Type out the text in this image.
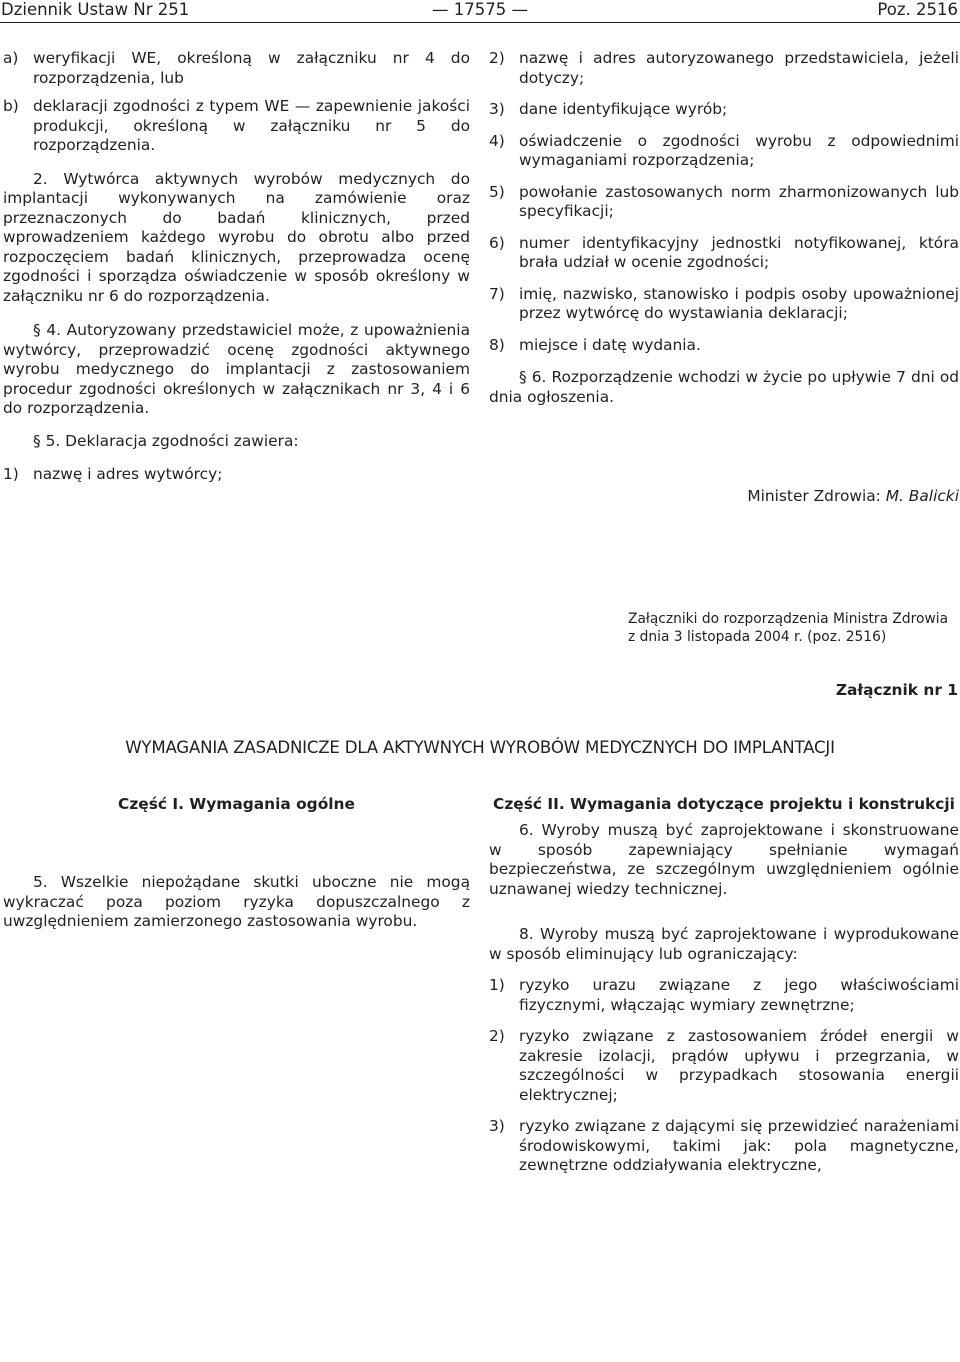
Dziennik Ustaw Nr 251	— 17575 —	Poz. 2516
a) weryfikacji WE, określoną w załączniku nr 4 do rozporządzenia, lub
b) deklaracji zgodności z typem WE — zapewnienie jakości produkcji, określoną w załączniku nr 5 do rozporządzenia.

2. Wytwórca aktywnych wyrobów medycznych do implantacji wykonywanych na zamówienie oraz przeznaczonych do badań klinicznych, przed wprowadzeniem każdego wyrobu do obrotu albo przed rozpoczęciem badań klinicznych, przeprowadza ocenę zgodności i sporządza oświadczenie w sposób określony w załączniku nr 6 do rozporządzenia.

§ 4. Autoryzowany przedstawiciel może, z upoważnienia wytwórcy, przeprowadzić ocenę zgodności aktywnego wyrobu medycznego do implantacji z zastosowaniem procedur zgodności określonych w załącznikach nr 3, 4 i 6 do rozporządzenia.

§ 5. Deklaracja zgodności zawiera:

1) nazwę i adres wytwórcy;
2) nazwę i adres autoryzowanego przedstawiciela, jeżeli dotyczy;
3) dane identyfikujące wyrób;
4) oświadczenie o zgodności wyrobu z odpowiednimi wymaganiami rozporządzenia;
5) powołanie zastosowanych norm zharmonizowanych lub specyfikacji;
6) numer identyfikacyjny jednostki notyfikowanej, która brała udział w ocenie zgodności;
7) imię, nazwisko, stanowisko i podpis osoby upoważnionej przez wytwórcę do wystawiania deklaracji;
8) miejsce i datę wydania.

§ 6. Rozporządzenie wchodzi w życie po upływie 7 dni od dnia ogłoszenia.

Minister Zdrowia: M. Balicki
Załączniki do rozporządzenia Ministra Zdrowia
z dnia 3 listopada 2004 r. (poz. 2516)
Załącznik nr 1
WYMAGANIA ZASADNICZE DLA AKTYWNYCH WYROBÓW MEDYCZNYCH DO IMPLANTACJI
Część I. Wymagania ogólne	Część II. Wymagania dotyczące projektu i konstrukcji

5. Wszelkie niepożądane skutki uboczne nie mogą wykraczać poza poziom ryzyka dopuszczalnego z uwzględnieniem zamierzonego zastosowania wyrobu.

6. Wyroby muszą być zaprojektowane i skonstruowane w sposób zapewniający spełnianie wymagań bezpieczeństwa, ze szczególnym uwzględnieniem ogólnie uznawanej wiedzy technicznej.

8. Wyroby muszą być zaprojektowane i wyprodukowane w sposób eliminujący lub ograniczający:

1) ryzyko urazu związane z jego właściwościami fizycznymi, włączając wymiary zewnętrzne;
2) ryzyko związane z zastosowaniem źródeł energii w zakresie izolacji, prądów upływu i przegrzania, w szczególności w przypadkach stosowania energii elektrycznej;
3) ryzyko związane z dającymi się przewidzieć narażeniami środowiskowymi, takimi jak: pola magnetyczne, zewnętrzne oddziaływania elektryczne,
